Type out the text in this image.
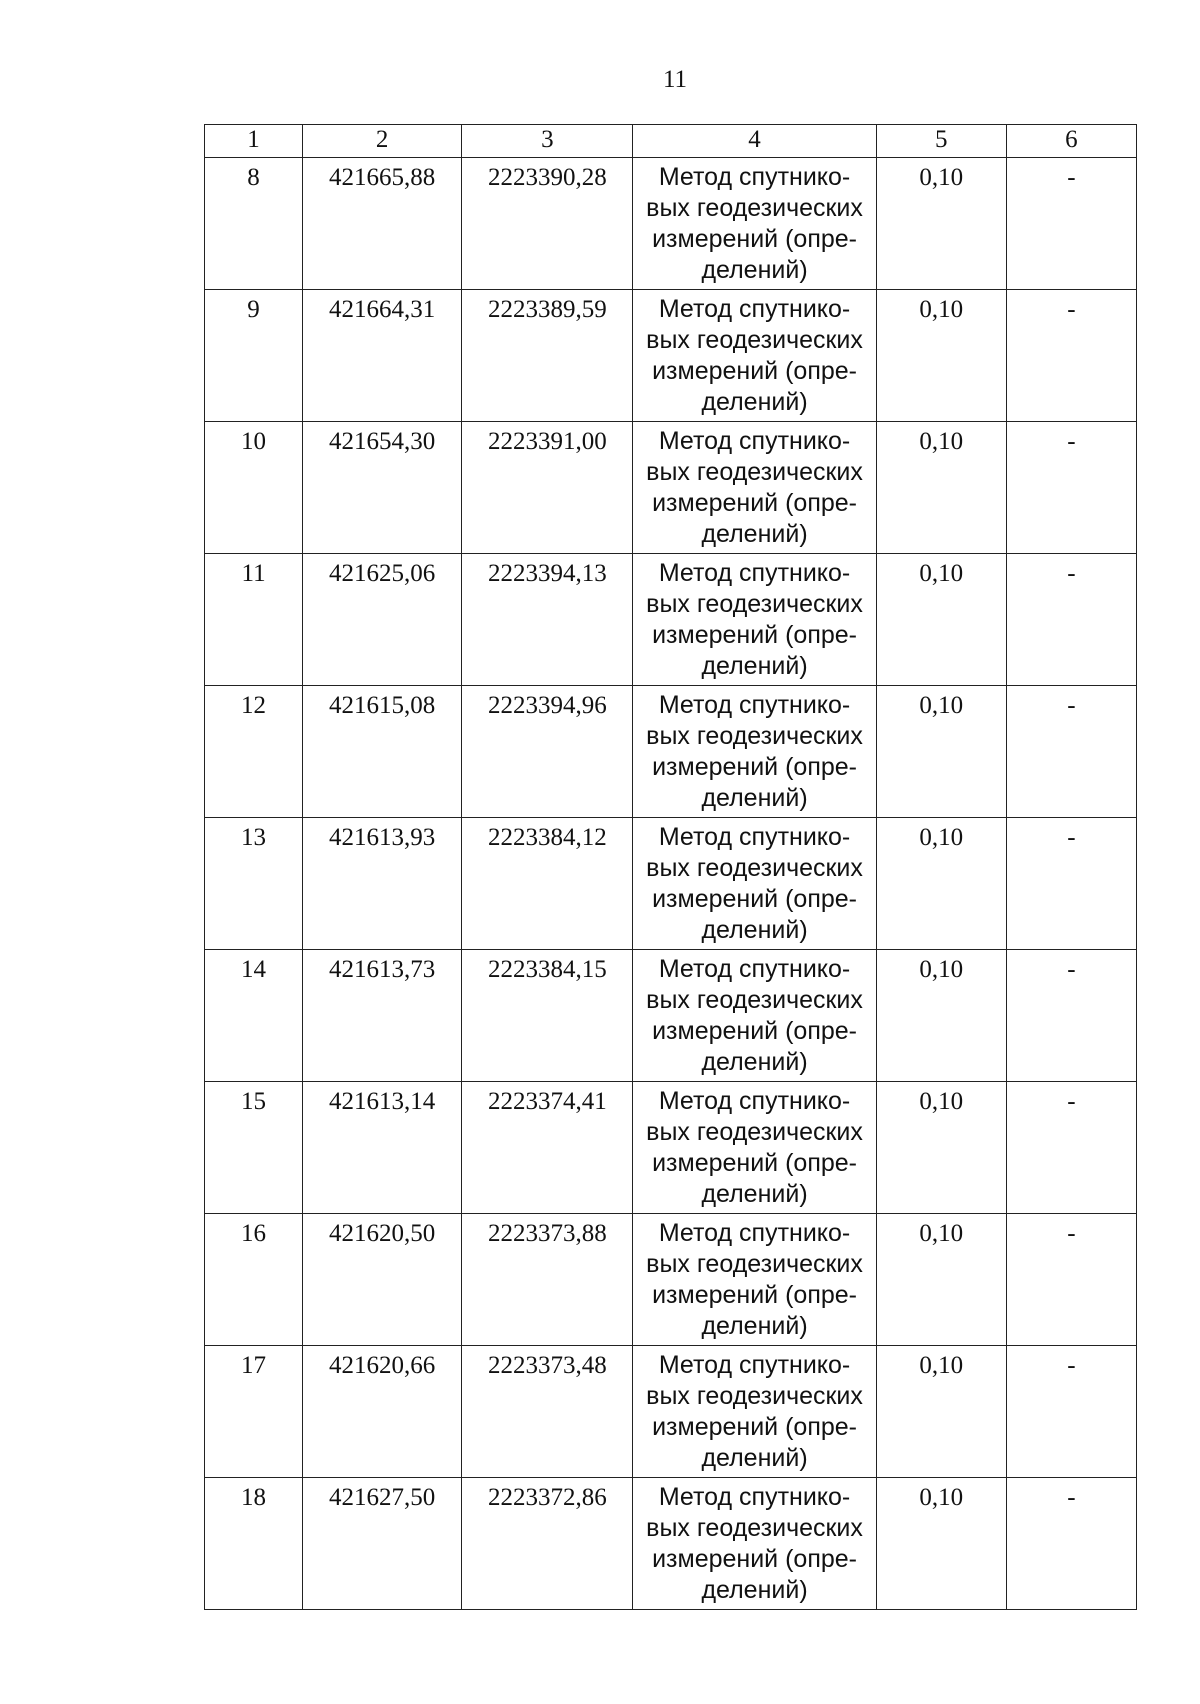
11
1	2	3	4	5	6
8	421665,88	2223390,28	Метод спутнико-
вых геодезических
измерений (опре-
делений)	0,10	-
9	421664,31	2223389,59	Метод спутнико-
вых геодезических
измерений (опре-
делений)	0,10	-
10	421654,30	2223391,00	Метод спутнико-
вых геодезических
измерений (опре-
делений)	0,10	-
11	421625,06	2223394,13	Метод спутнико-
вых геодезических
измерений (опре-
делений)	0,10	-
12	421615,08	2223394,96	Метод спутнико-
вых геодезических
измерений (опре-
делений)	0,10	-
13	421613,93	2223384,12	Метод спутнико-
вых геодезических
измерений (опре-
делений)	0,10	-
14	421613,73	2223384,15	Метод спутнико-
вых геодезических
измерений (опре-
делений)	0,10	-
15	421613,14	2223374,41	Метод спутнико-
вых геодезических
измерений (опре-
делений)	0,10	-
16	421620,50	2223373,88	Метод спутнико-
вых геодезических
измерений (опре-
делений)	0,10	-
17	421620,66	2223373,48	Метод спутнико-
вых геодезических
измерений (опре-
делений)	0,10	-
18	421627,50	2223372,86	Метод спутнико-
вых геодезических
измерений (опре-
делений)	0,10	-
